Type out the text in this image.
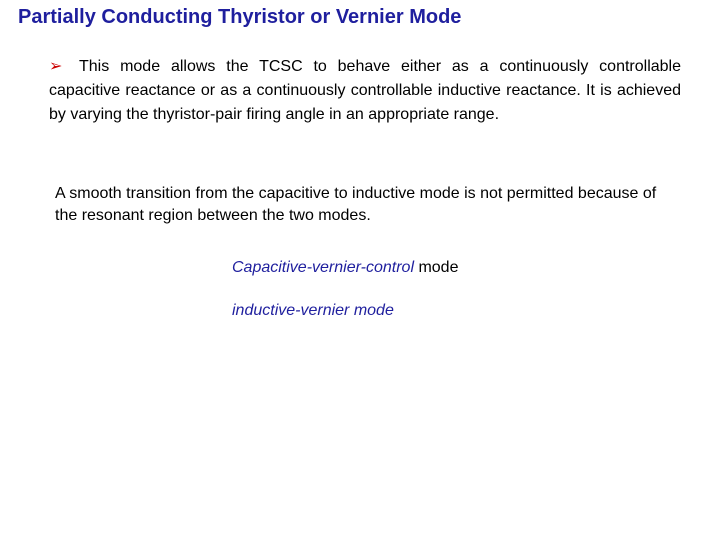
Partially Conducting Thyristor or Vernier Mode
➢ This mode allows the TCSC to behave either as a continuously controllable capacitive reactance or as a continuously controllable inductive reactance. It is achieved by varying the thyristor-pair firing angle in an appropriate range.
A smooth transition from the capacitive to inductive mode is not permitted because of the resonant region between the two modes.
Capacitive-vernier-control mode
inductive-vernier mode
